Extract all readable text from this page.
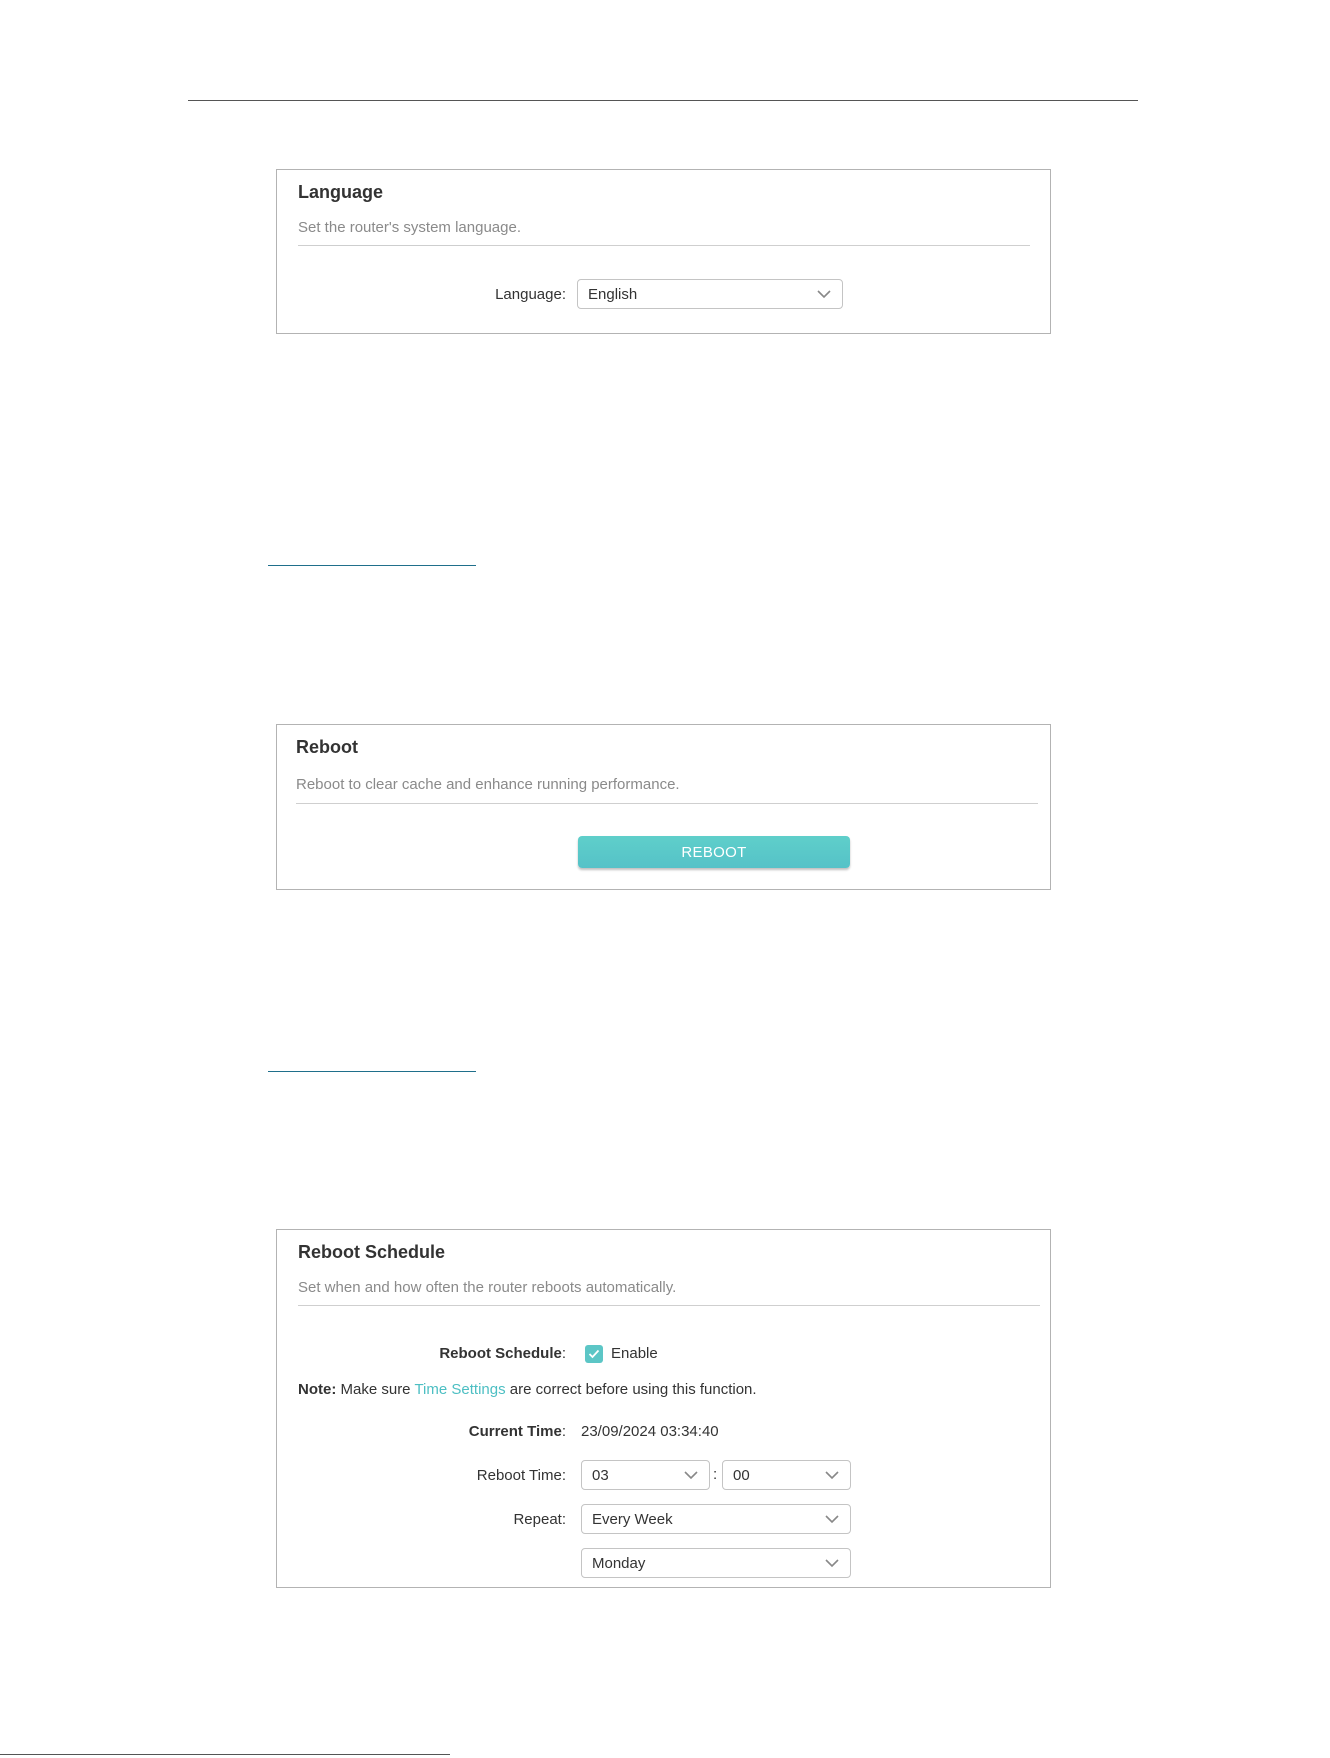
Language
Set the router's system language.
Language: English
Reboot
Reboot to clear cache and enhance running performance.
REBOOT
Reboot Schedule
Set when and how often the router reboots automatically.
Reboot Schedule:	Enable
Note: Make sure Time Settings are correct before using this function.
Current Time: 23/09/2024 03:34:40
Reboot Time: 03	: 00
Repeat: Every Week
Monday
